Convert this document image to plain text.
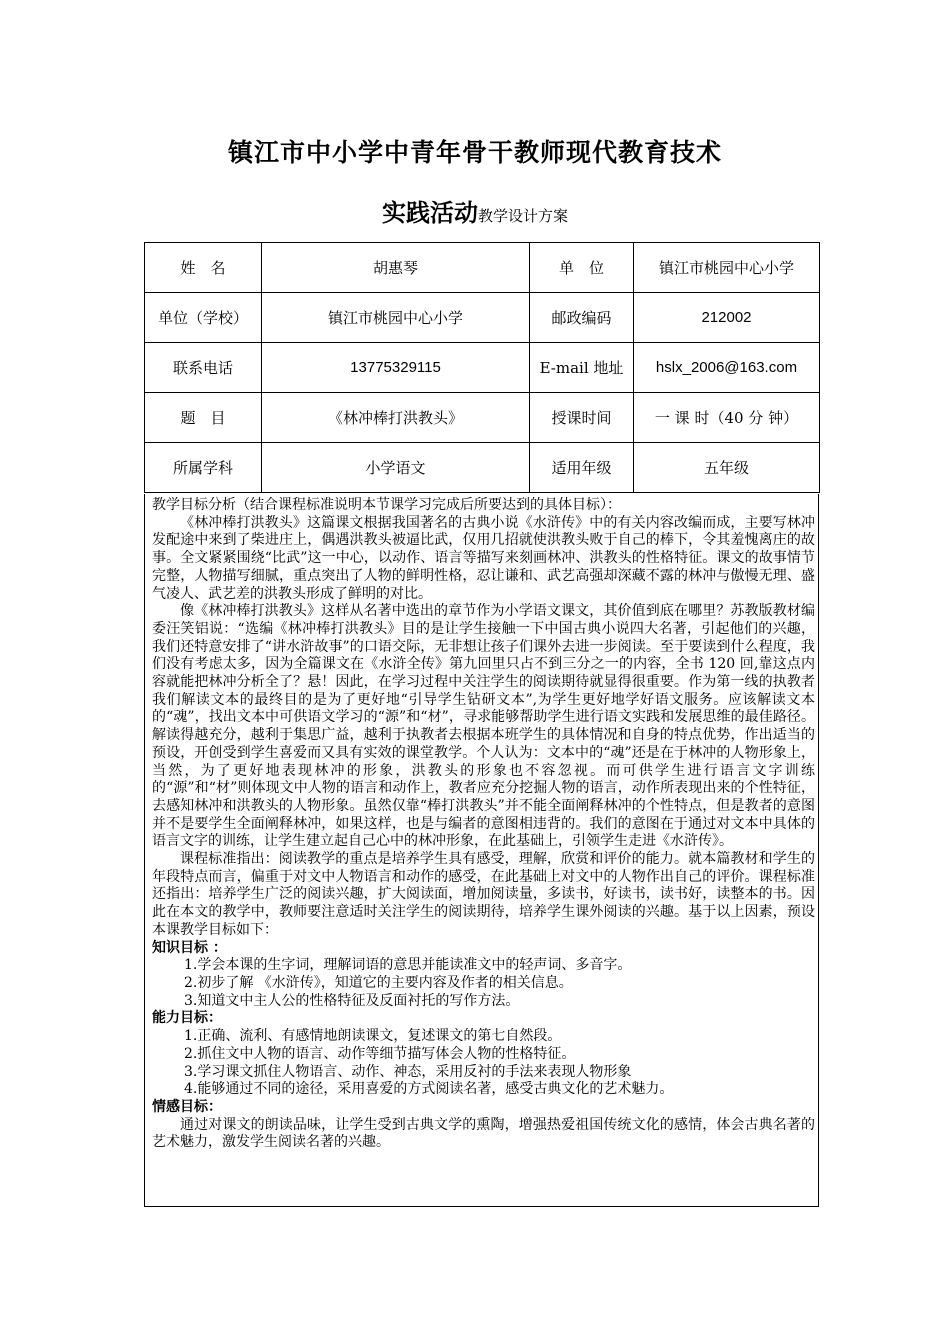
镇江市中小学中青年骨干教师现代教育技术
实践活动教学设计方案
姓　名	胡惠琴	单　位	镇江市桃园中心小学
单位（学校）	镇江市桃园中心小学	邮政编码	212002
联系电话	13775329115	E-mail 地址	hslx_2006@163.com
题　目	《林冲棒打洪教头》	授课时间	一 课 时（40 分 钟）
所属学科	小学语文	适用年级	五年级

教学目标分析（结合课程标准说明本节课学习完成后所要达到的具体目标）：

《林冲棒打洪教头》这篇课文根据我国著名的古典小说《水浒传》中的有关内容改编而成，主要写林冲发配途中来到了柴进庄上，偶遇洪教头被逼比武，仅用几招就使洪教头败于自己的棒下，令其羞愧离庄的故事。全文紧紧围绕“比武”这一中心，以动作、语言等描写来刻画林冲、洪教头的性格特征。课文的故事情节完整，人物描写细腻，重点突出了人物的鲜明性格，忍让谦和、武艺高强却深藏不露的林冲与傲慢无理、盛气凌人、武艺差的洪教头形成了鲜明的对比。

像《林冲棒打洪教头》这样从名著中选出的章节作为小学语文课文，其价值到底在哪里？苏教版教材编委汪笑铝说：“选编《林冲棒打洪教头》目的是让学生接触一下中国古典小说四大名著，引起他们的兴趣，我们还特意安排了“讲水浒故事”的口语交际，无非想让孩子们课外去进一步阅读。至于要读到什么程度，我们没有考虑太多，因为全篇课文在《水浒全传》第九回里只占不到三分之一的内容，全书 120 回,靠这点内容就能把林冲分析全了？悬！因此，在学习过程中关注学生的阅读期待就显得很重要。作为第一线的执教者我们解读文本的最终目的是为了更好地“引导学生钻研文本”,为学生更好地学好语文服务。应该解读文本的“魂”，找出文本中可供语文学习的“源”和“材”，寻求能够帮助学生进行语文实践和发展思维的最佳路径。解读得越充分，越利于集思广益，越利于执教者去根据本班学生的具体情况和自身的特点优势，作出适当的预设，开创受到学生喜爱而又具有实效的课堂教学。个人认为：文本中的“魂”还是在于林冲的人物形象上，当然，为了更好地表现林冲的形象，洪教头的形象也不容忽视。而可供学生进行语言文字训练的“源”和“材”则体现文中人物的语言和动作上，教者应充分挖掘人物的语言，动作所表现出来的个性特征，去感知林冲和洪教头的人物形象。虽然仅靠“棒打洪教头”并不能全面阐释林冲的个性特点，但是教者的意图并不是要学生全面阐释林冲，如果这样，也是与编者的意图相违背的。我们的意图在于通过对文本中具体的语言文字的训练，让学生建立起自己心中的林冲形象，在此基础上，引领学生走进《水浒传》。

课程标准指出：阅读教学的重点是培养学生具有感受，理解，欣赏和评价的能力。就本篇教材和学生的年段特点而言，偏重于对文中人物语言和动作的感受，在此基础上对文中的人物作出自己的评价。课程标准还指出：培养学生广泛的阅读兴趣，扩大阅读面，增加阅读量，多读书，好读书，读书好，读整本的书。因此在本文的教学中，教师要注意适时关注学生的阅读期待，培养学生课外阅读的兴趣。基于以上因素，预设本课教学目标如下：

知识目标 ：

1.学会本课的生字词，理解词语的意思并能读准文中的轻声词、多音字。

2.初步了解 《水浒传》，知道它的主要内容及作者的相关信息。

3.知道文中主人公的性格特征及反面衬托的写作方法。

能力目标：

1.正确、流利、有感情地朗读课文，复述课文的第七自然段。

2.抓住文中人物的语言、动作等细节描写体会人物的性格特征。

3.学习课文抓住人物语言、动作、神态，采用反衬的手法来表现人物形象

4.能够通过不同的途径，采用喜爱的方式阅读名著，感受古典文化的艺术魅力。

情感目标：

通过对课文的朗读品味，让学生受到古典文学的熏陶，增强热爱祖国传统文化的感情，体会古典名著的艺术魅力，激发学生阅读名著的兴趣。
